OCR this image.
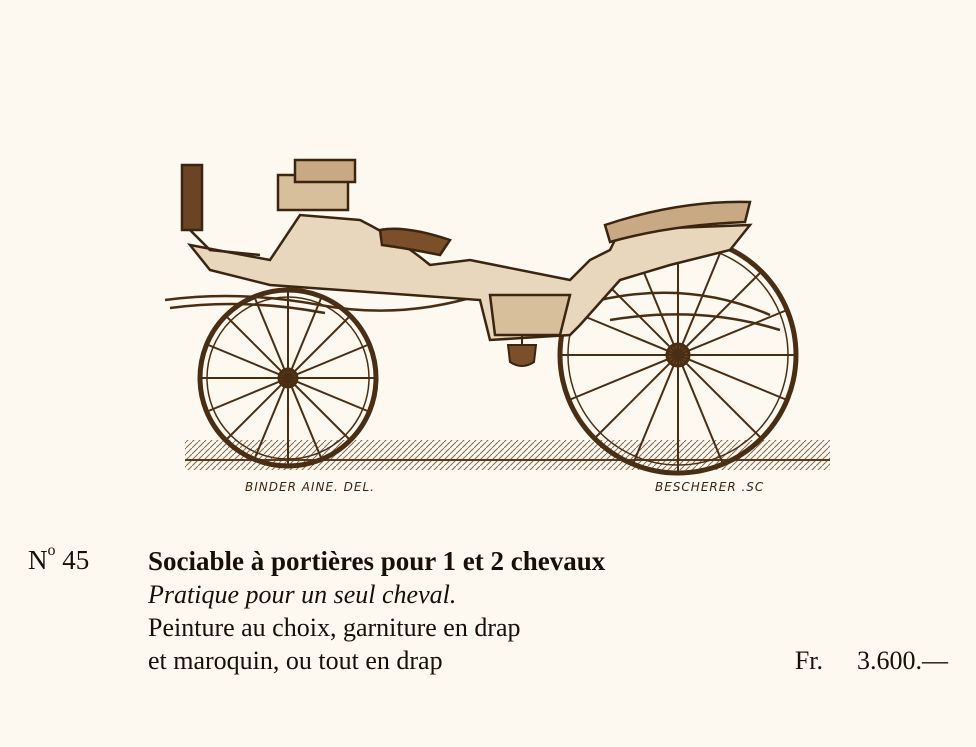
BINDER AINE. DEL.	BESCHERER .SC
$N^o$ 45 Sociable à portières pour 1 et 2 chevaux
Pratique pour un seul cheval.
Peinture au choix, garniture en drap
et maroquin, ou tout en drap	Fr. 3.600.—
